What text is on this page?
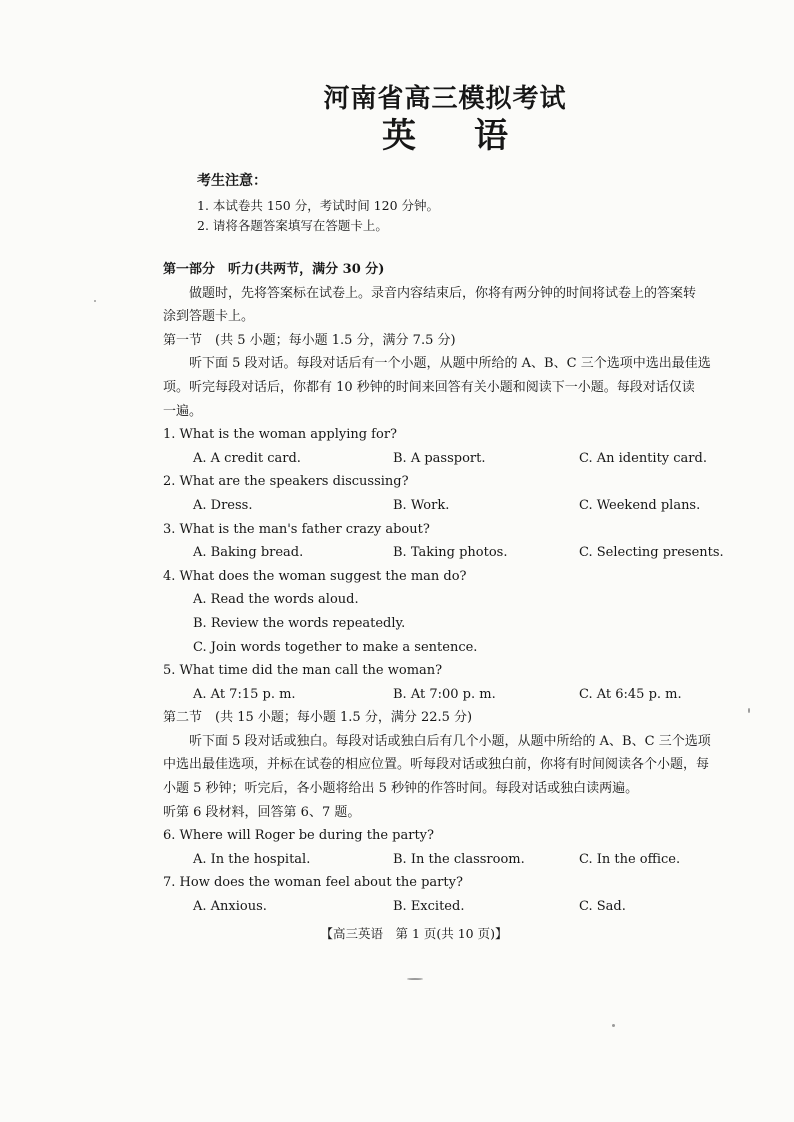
河南省高三模拟考试
英语
考生注意：
1. 本试卷共 150 分，考试时间 120 分钟。
2. 请将各题答案填写在答题卡上。
第一部分　听力(共两节，满分 30 分)
做题时，先将答案标在试卷上。录音内容结束后，你将有两分钟的时间将试卷上的答案转
涂到答题卡上。
第一节　(共 5 小题；每小题 1.5 分，满分 7.5 分)
听下面 5 段对话。每段对话后有一个小题，从题中所给的 A、B、C 三个选项中选出最佳选
项。听完每段对话后，你都有 10 秒钟的时间来回答有关小题和阅读下一小题。每段对话仅读
一遍。
1. What is the woman applying for?
A. A credit card.	B. A passport.	C. An identity card.
2. What are the speakers discussing?
A. Dress.	B. Work.	C. Weekend plans.
3. What is the man's father crazy about?
A. Baking bread.	B. Taking photos.	C. Selecting presents.
4. What does the woman suggest the man do?
A. Read the words aloud.
B. Review the words repeatedly.
C. Join words together to make a sentence.
5. What time did the man call the woman?
A. At 7:15 p. m.	B. At 7:00 p. m.	C. At 6:45 p. m.
第二节　(共 15 小题；每小题 1.5 分，满分 22.5 分)
听下面 5 段对话或独白。每段对话或独白后有几个小题，从题中所给的 A、B、C 三个选项
中选出最佳选项，并标在试卷的相应位置。听每段对话或独白前，你将有时间阅读各个小题，每
小题 5 秒钟；听完后，各小题将给出 5 秒钟的作答时间。每段对话或独白读两遍。
听第 6 段材料，回答第 6、7 题。
6. Where will Roger be during the party?
A. In the hospital.	B. In the classroom.	C. In the office.
7. How does the woman feel about the party?
A. Anxious.	B. Excited.	C. Sad.
【高三英语　第 1 页(共 10 页)】
